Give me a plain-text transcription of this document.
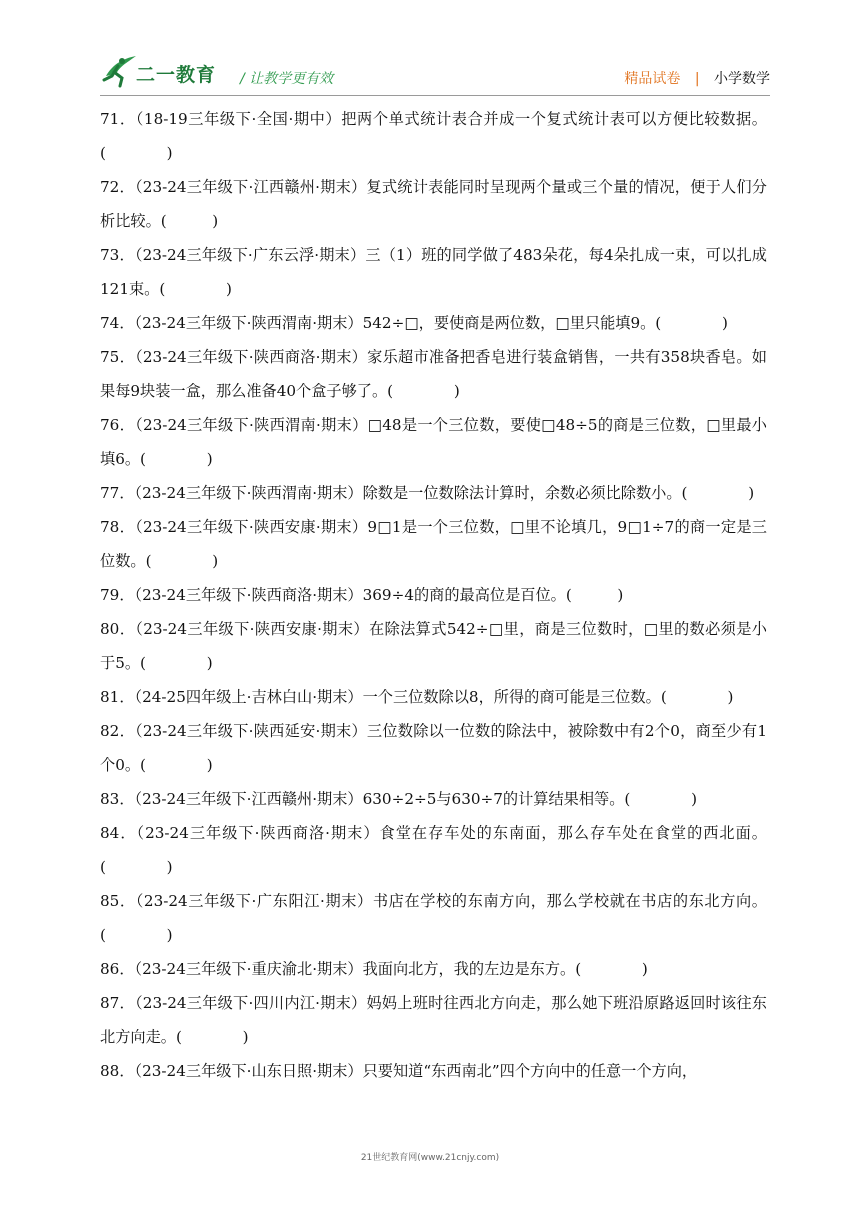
二一教育 / 让教学更有效	精品试卷 | 小学数学

71．（18-19三年级下·全国·期中）把两个单式统计表合并成一个复式统计表可以方便比较数据。(　　　　)

72．（23-24三年级下·江西赣州·期末）复式统计表能同时呈现两个量或三个量的情况，便于人们分析比较。(　　　)

73．（23-24三年级下·广东云浮·期末）三（1）班的同学做了483朵花，每4朵扎成一束，可以扎成121束。(　　　　)

74．（23-24三年级下·陕西渭南·期末）542÷□，要使商是两位数，□里只能填9。(　　　　)

75．（23-24三年级下·陕西商洛·期末）家乐超市准备把香皂进行装盒销售，一共有358块香皂。如果每9块装一盒，那么准备40个盒子够了。(　　　　)

76．（23-24三年级下·陕西渭南·期末）□48是一个三位数，要使□48÷5的商是三位数，□里最小填6。(　　　　)

77．（23-24三年级下·陕西渭南·期末）除数是一位数除法计算时，余数必须比除数小。(　　　　)

78．（23-24三年级下·陕西安康·期末）9□1是一个三位数，□里不论填几，9□1÷7的商一定是三位数。(　　　　)

79．（23-24三年级下·陕西商洛·期末）369÷4的商的最高位是百位。(　　　)

80．（23-24三年级下·陕西安康·期末）在除法算式542÷□里，商是三位数时，□里的数必须是小于5。(　　　　)

81．（24-25四年级上·吉林白山·期末）一个三位数除以8，所得的商可能是三位数。(　　　　)

82．（23-24三年级下·陕西延安·期末）三位数除以一位数的除法中，被除数中有2个0，商至少有1个0。(　　　　)

83．（23-24三年级下·江西赣州·期末）630÷2÷5与630÷7的计算结果相等。(　　　　)

84．（23-24三年级下·陕西商洛·期末）食堂在存车处的东南面，那么存车处在食堂的西北面。(　　　　)

85．（23-24三年级下·广东阳江·期末）书店在学校的东南方向，那么学校就在书店的东北方向。(　　　　)

86．（23-24三年级下·重庆渝北·期末）我面向北方，我的左边是东方。(　　　　)

87．（23-24三年级下·四川内江·期末）妈妈上班时往西北方向走，那么她下班沿原路返回时该往东北方向走。(　　　　)

88．（23-24三年级下·山东日照·期末）只要知道“东西南北”四个方向中的任意一个方向，

21世纪教育网(www.21cnjy.com)
